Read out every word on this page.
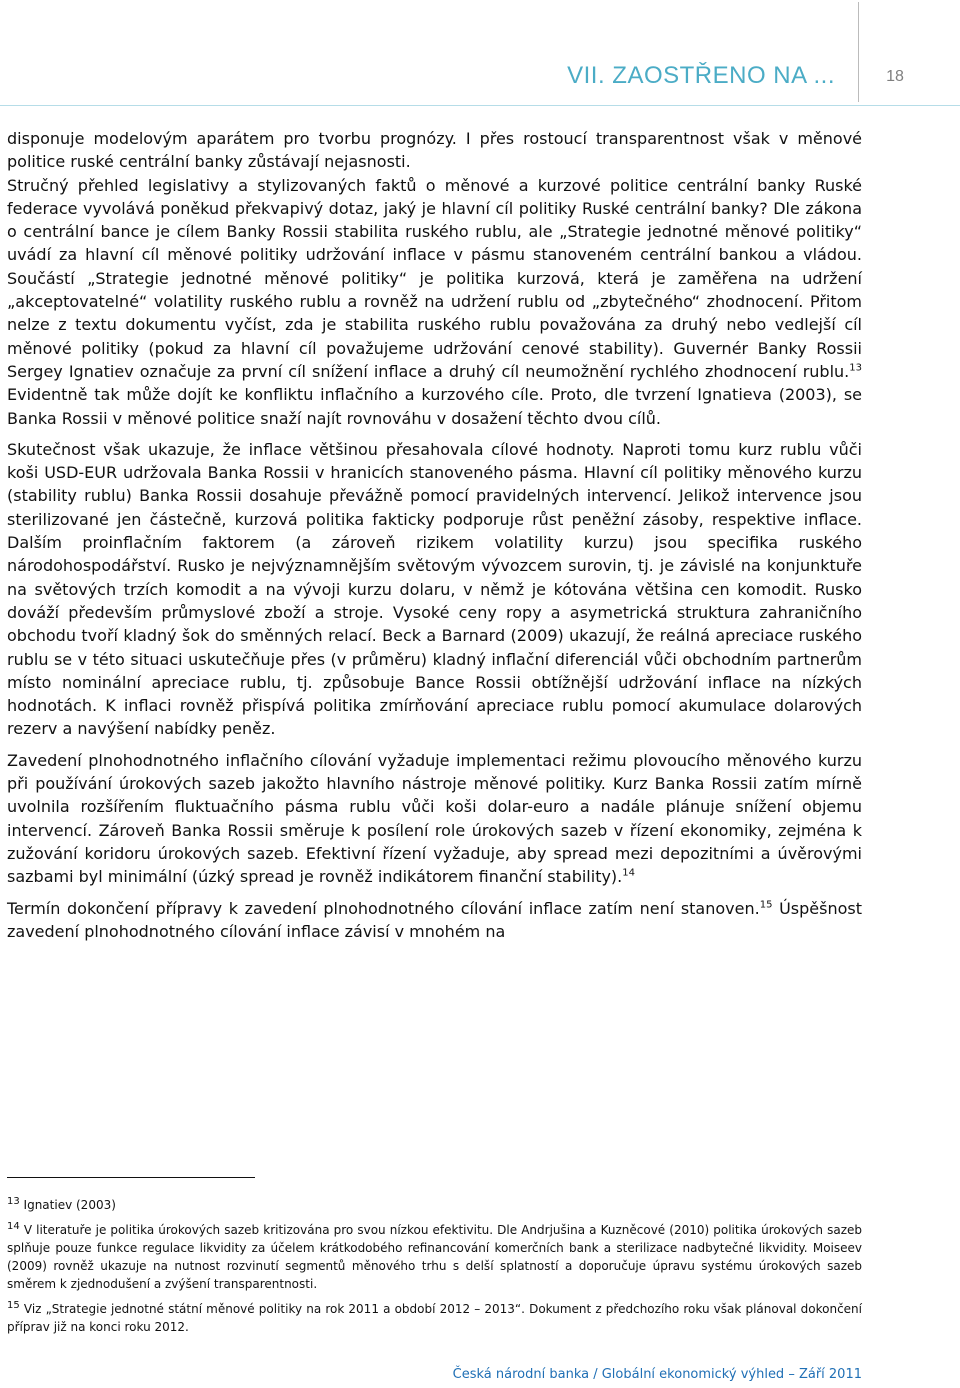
VII. ZAOSTŘENO NA ...	18

disponuje modelovým aparátem pro tvorbu prognózy. I přes rostoucí transparentnost však v měnové politice ruské centrální banky zůstávají nejasnosti.

Stručný přehled legislativy a stylizovaných faktů o měnové a kurzové politice centrální banky Ruské federace vyvolává poněkud překvapivý dotaz, jaký je hlavní cíl politiky Ruské centrální banky? Dle zákona o centrální bance je cílem Banky Rossii stabilita ruského rublu, ale „Strategie jednotné měnové politiky“ uvádí za hlavní cíl měnové politiky udržování inflace v pásmu stanoveném centrální bankou a vládou. Součástí „Strategie jednotné měnové politiky“ je politika kurzová, která je zaměřena na udržení „akceptovatelné“ volatility ruského rublu a rovněž na udržení rublu od „zbytečného“ zhodnocení. Přitom nelze z textu dokumentu vyčíst, zda je stabilita ruského rublu považována za druhý nebo vedlejší cíl měnové politiky (pokud za hlavní cíl považujeme udržování cenové stability). Guvernér Banky Rossii Sergey Ignatiev označuje za první cíl snížení inflace a druhý cíl neumožnění rychlého zhodnocení rublu.$^{13}$ Evidentně tak může dojít ke konfliktu inflačního a kurzového cíle. Proto, dle tvrzení Ignatieva (2003), se Banka Rossii v měnové politice snaží najít rovnováhu v dosažení těchto dvou cílů.

Skutečnost však ukazuje, že inflace většinou přesahovala cílové hodnoty. Naproti tomu kurz rublu vůči koši USD-EUR udržovala Banka Rossii v hranicích stanoveného pásma. Hlavní cíl politiky měnového kurzu (stability rublu) Banka Rossii dosahuje převážně pomocí pravidelných intervencí. Jelikož intervence jsou sterilizované jen částečně, kurzová politika fakticky podporuje růst peněžní zásoby, respektive inflace. Dalším proinflačním faktorem (a zároveň rizikem volatility kurzu) jsou specifika ruského národohospodářství. Rusko je nejvýznamnějším světovým vývozcem surovin, tj. je závislé na konjunktuře na světových trzích komodit a na vývoji kurzu dolaru, v němž je kótována většina cen komodit. Rusko dováží především průmyslové zboží a stroje. Vysoké ceny ropy a asymetrická struktura zahraničního obchodu tvoří kladný šok do směnných relací. Beck a Barnard (2009) ukazují, že reálná apreciace ruského rublu se v této situaci uskutečňuje přes (v průměru) kladný inflační diferenciál vůči obchodním partnerům místo nominální apreciace rublu, tj. způsobuje Bance Rossii obtížnější udržování inflace na nízkých hodnotách. K inflaci rovněž přispívá politika zmírňování apreciace rublu pomocí akumulace dolarových rezerv a navýšení nabídky peněz.

Zavedení plnohodnotného inflačního cílování vyžaduje implementaci režimu plovoucího měnového kurzu při používání úrokových sazeb jakožto hlavního nástroje měnové politiky. Kurz Banka Rossii zatím mírně uvolnila rozšířením fluktuačního pásma rublu vůči koši dolar-euro a nadále plánuje snížení objemu intervencí. Zároveň Banka Rossii směruje k posílení role úrokových sazeb v řízení ekonomiky, zejména k zužování koridoru úrokových sazeb. Efektivní řízení vyžaduje, aby spread mezi depozitními a úvěrovými sazbami byl minimální (úzký spread je rovněž indikátorem finanční stability).$^{14}$

Termín dokončení přípravy k zavedení plnohodnotného cílování inflace zatím není stanoven.$^{15}$ Úspěšnost zavedení plnohodnotného cílování inflace závisí v mnohém na

$^{13}$ Ignatiev (2003)

$^{14}$ V literatuře je politika úrokových sazeb kritizována pro svou nízkou efektivitu. Dle Andrjušina a Kuzněcové (2010) politika úrokových sazeb splňuje pouze funkce regulace likvidity za účelem krátkodobého refinancování komerčních bank a sterilizace nadbytečné likvidity. Moiseev (2009) rovněž ukazuje na nutnost rozvinutí segmentů měnového trhu s delší splatností a doporučuje úpravu systému úrokových sazeb směrem k zjednodušení a zvýšení transparentnosti.

$^{15}$ Viz „Strategie jednotné státní měnové politiky na rok 2011 a období 2012 – 2013“. Dokument z předchozího roku však plánoval dokončení příprav již na konci roku 2012.

Česká národní banka / Globální ekonomický výhled – Září 2011
